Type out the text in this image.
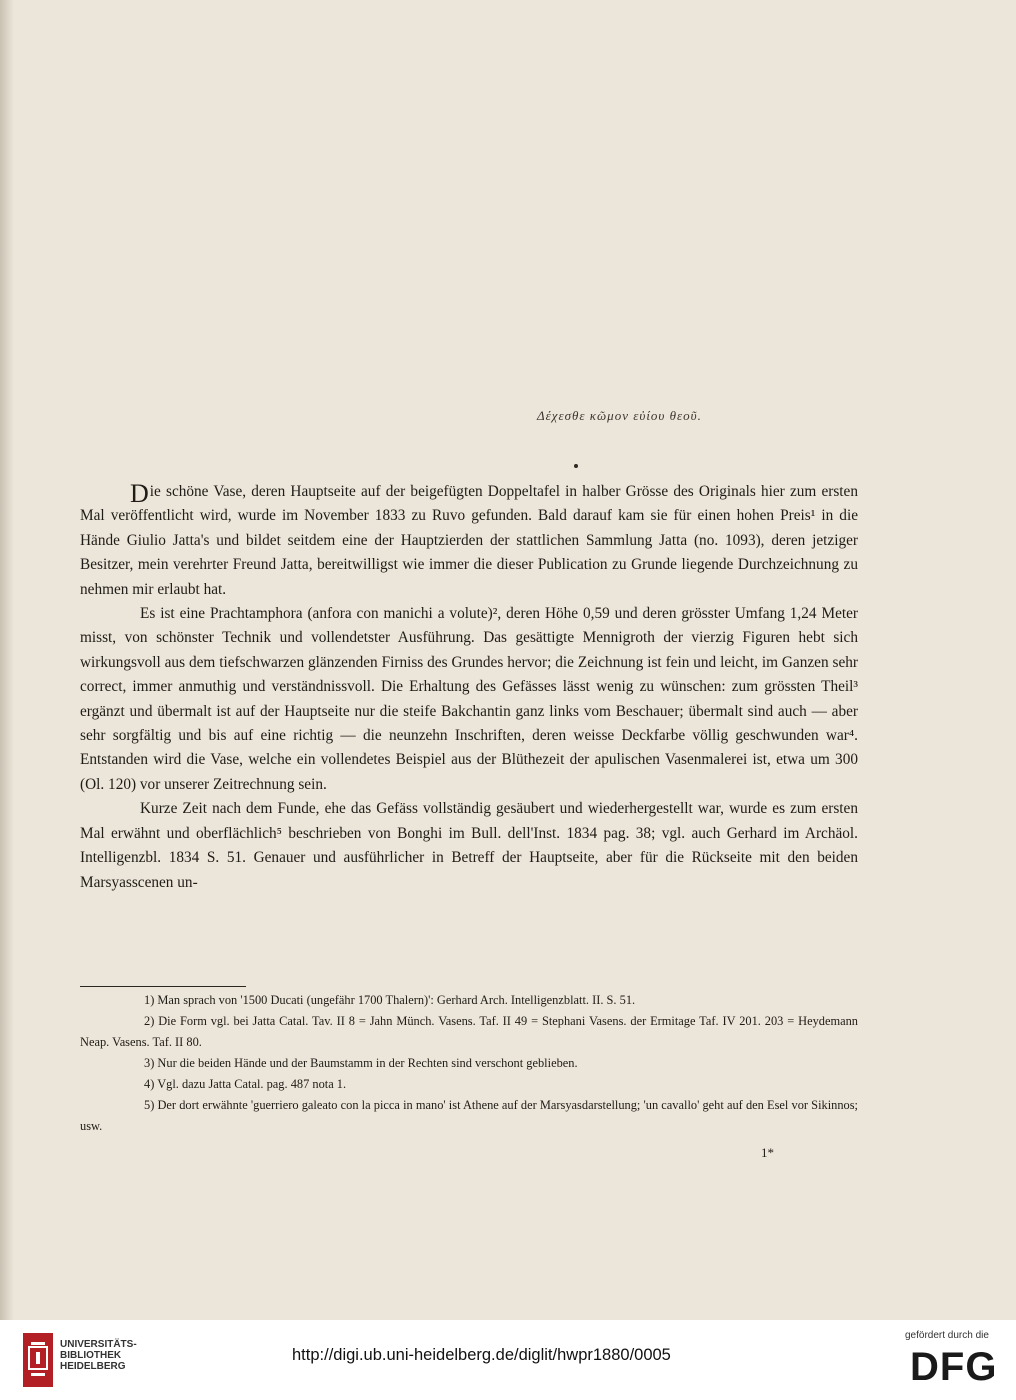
Δέχεσθε κῶμον εὐίου θεοῦ.

Die schöne Vase, deren Hauptseite auf der beigefügten Doppeltafel in halber Grösse des Originals hier zum ersten Mal veröffentlicht wird, wurde im November 1833 zu Ruvo gefunden. Bald darauf kam sie für einen hohen Preis¹ in die Hände Giulio Jatta's und bildet seitdem eine der Hauptzierden der stattlichen Sammlung Jatta (no. 1093), deren jetziger Besitzer, mein verehrter Freund Jatta, bereitwilligst wie immer die dieser Publication zu Grunde liegende Durchzeichnung zu nehmen mir erlaubt hat.

Es ist eine Prachtamphora (anfora con manichi a volute)², deren Höhe 0,59 und deren grösster Umfang 1,24 Meter misst, von schönster Technik und vollendetster Ausführung. Das gesättigte Mennigroth der vierzig Figuren hebt sich wirkungsvoll aus dem tiefschwarzen glänzenden Firniss des Grundes hervor; die Zeichnung ist fein und leicht, im Ganzen sehr correct, immer anmuthig und verständnissvoll. Die Erhaltung des Gefässes lässt wenig zu wünschen: zum grössten Theil³ ergänzt und übermalt ist auf der Hauptseite nur die steife Bakchantin ganz links vom Beschauer; übermalt sind auch — aber sehr sorgfältig und bis auf eine richtig — die neunzehn Inschriften, deren weisse Deckfarbe völlig geschwunden war⁴. Entstanden wird die Vase, welche ein vollendetes Beispiel aus der Blüthezeit der apulischen Vasenmalerei ist, etwa um 300 (Ol. 120) vor unserer Zeitrechnung sein.

Kurze Zeit nach dem Funde, ehe das Gefäss vollständig gesäubert und wiederhergestellt war, wurde es zum ersten Mal erwähnt und oberflächlich⁵ beschrieben von Bonghi im Bull. dell'Inst. 1834 pag. 38; vgl. auch Gerhard im Archäol. Intelligenzbl. 1834 S. 51. Genauer und ausführlicher in Betreff der Hauptseite, aber für die Rückseite mit den beiden Marsyasscenen un-

1) Man sprach von '1500 Ducati (ungefähr 1700 Thalern)': Gerhard Arch. Intelligenzblatt. II. S. 51.

2) Die Form vgl. bei Jatta Catal. Tav. II 8 = Jahn Münch. Vasens. Taf. II 49 = Stephani Vasens. der Ermitage Taf. IV 201. 203 = Heydemann Neap. Vasens. Taf. II 80.

3) Nur die beiden Hände und der Baumstamm in der Rechten sind verschont geblieben.

4) Vgl. dazu Jatta Catal. pag. 487 nota 1.

5) Der dort erwähnte 'guerriero galeato con la picca in mano' ist Athene auf der Marsyasdarstellung; 'un cavallo' geht auf den Esel vor Sikinnos; usw.

1*
UNIVERSITÄTS-
BIBLIOTHEK
HEIDELBERG
http://digi.ub.uni-heidelberg.de/diglit/hwpr1880/0005
gefördert durch die
DFG
